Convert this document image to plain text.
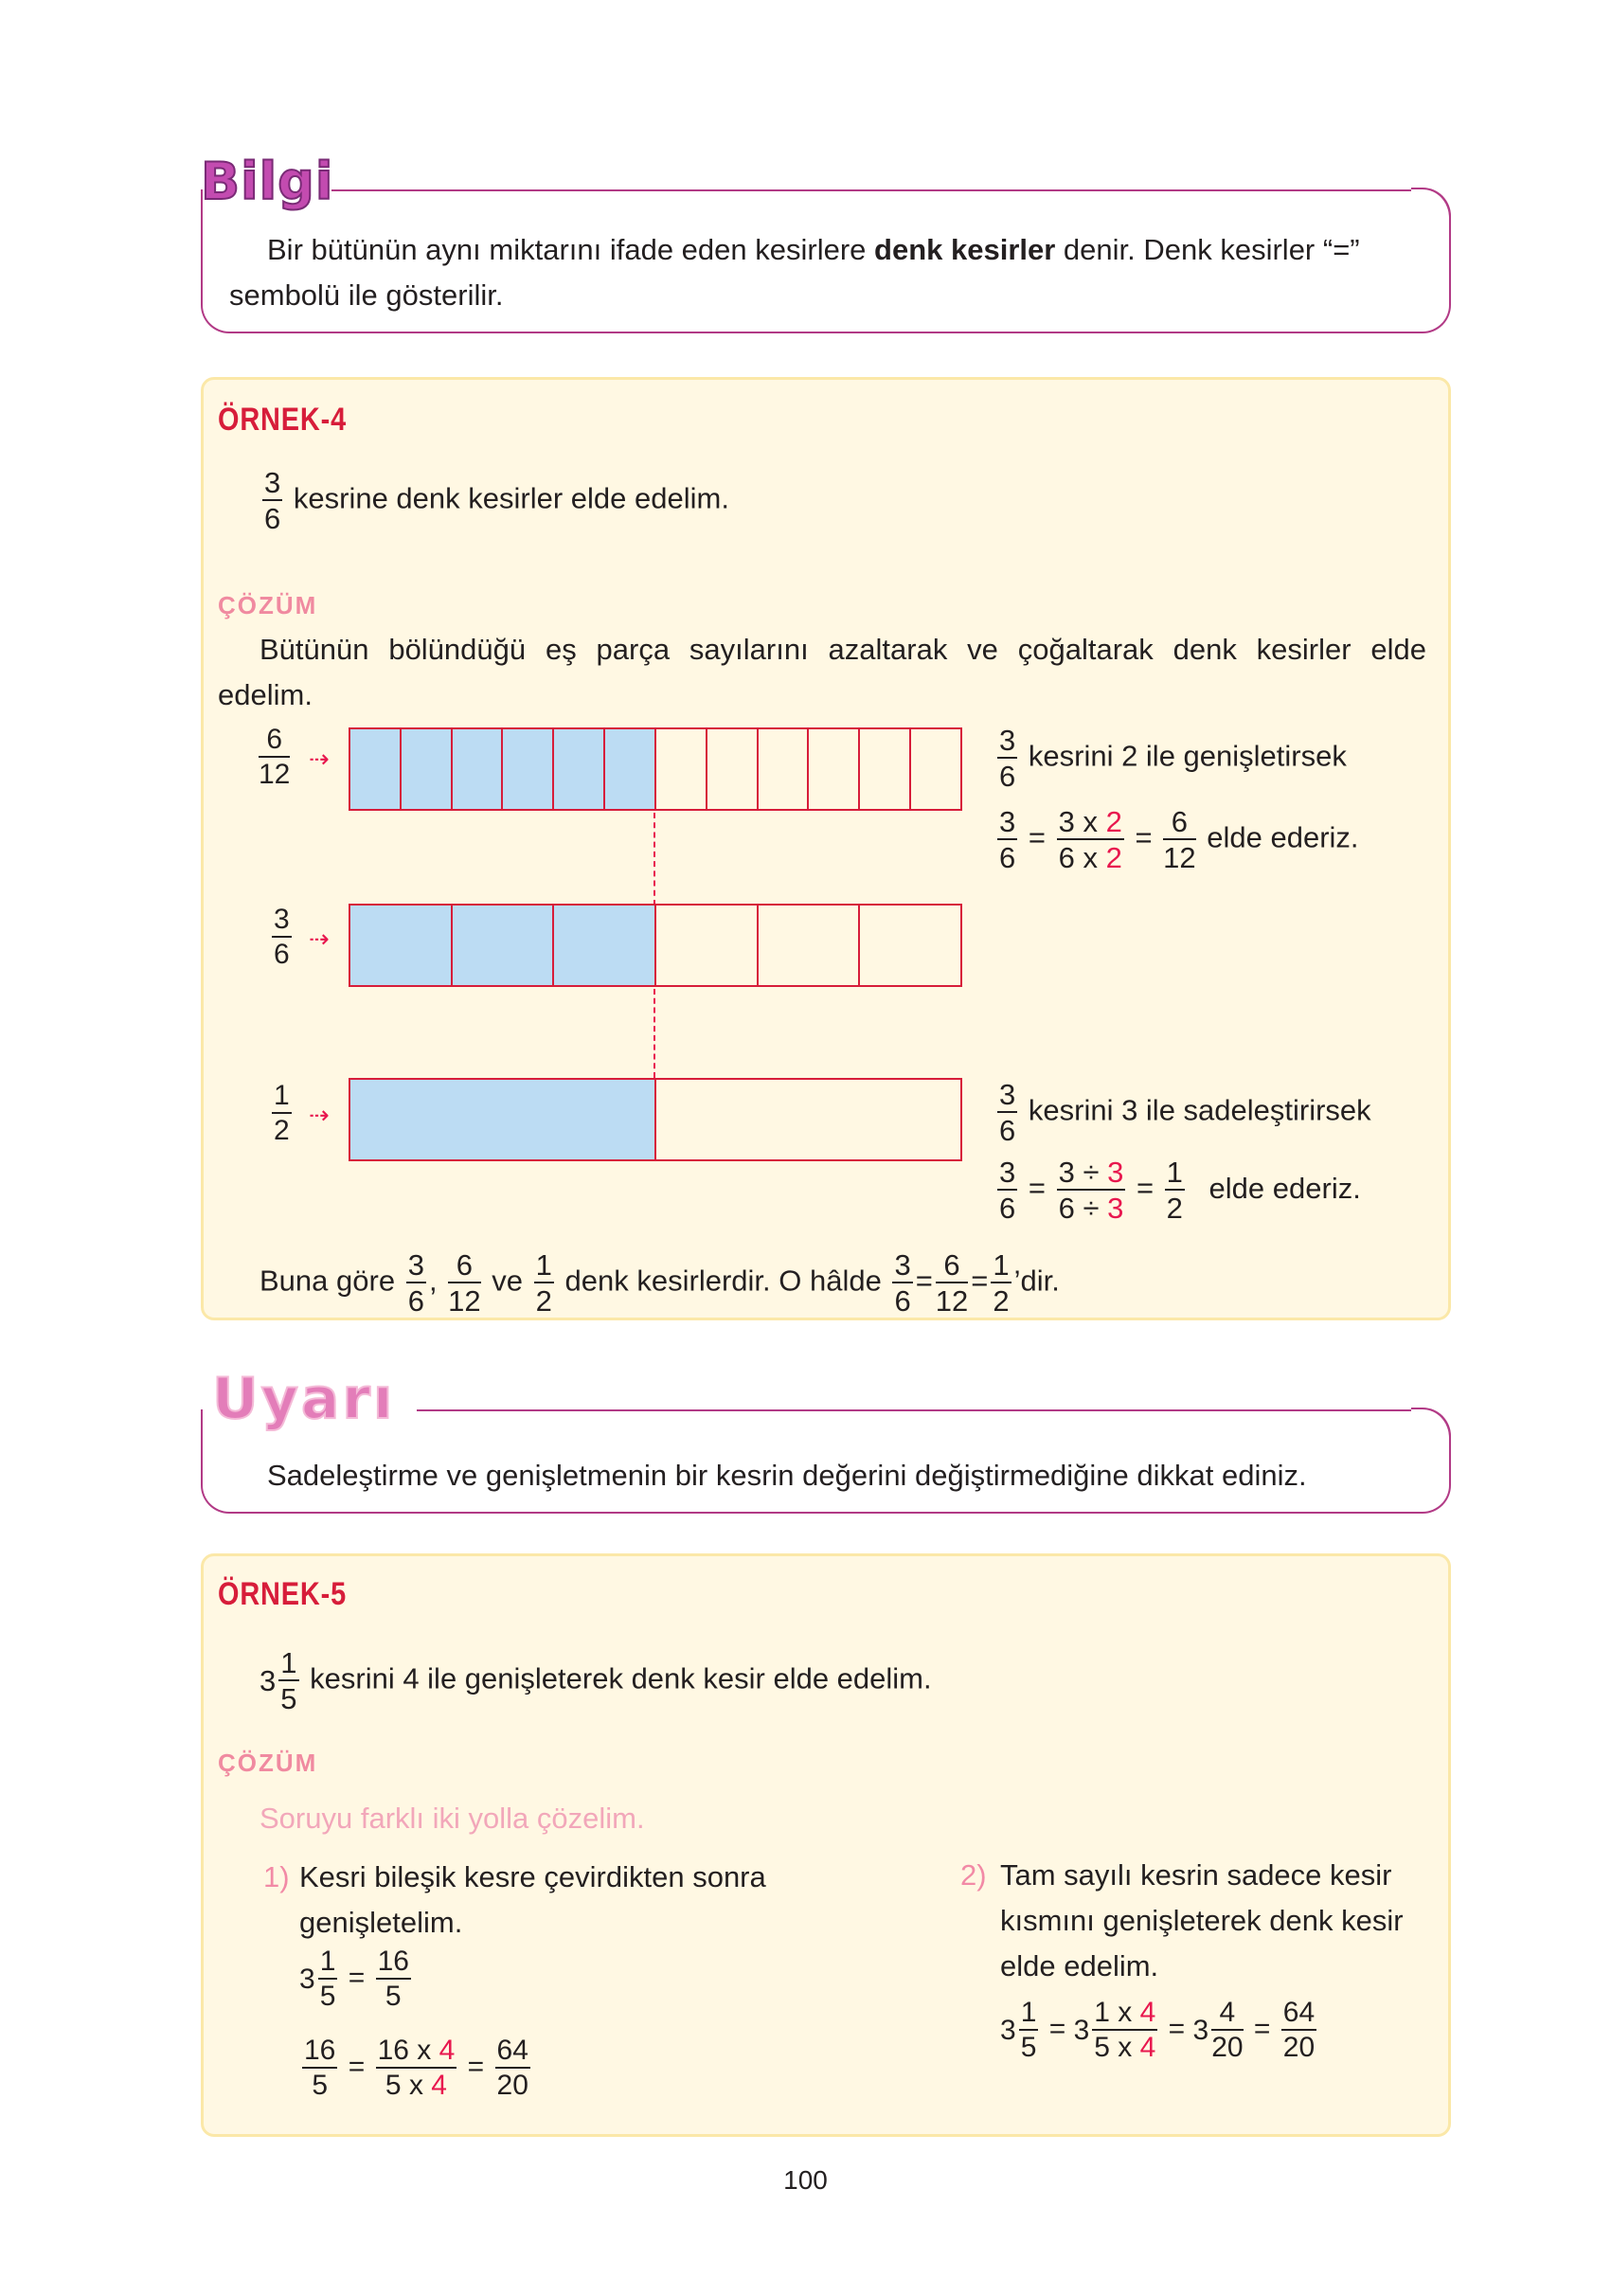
Bilgi
Bir bütünün aynı miktarını ifade eden kesirlere denk kesirler denir. Denk kesirler “=”
sembolü ile gösterilir.
ÖRNEK-4
$\frac{3}{6}$ kesrine denk kesirler elde edelim.
ÇÖZÜM
Bütünün bölündüğü eş parça sayılarını azaltarak ve çoğaltarak denk kesirler elde
edelim.
$\frac{6}{12}$ ⇢
$\frac{3}{6}$ ⇢
$\frac{1}{2}$ ⇢
$\frac{3}{6}$ kesrini 2 ile genişletirsek
$\frac{3}{6} = \frac{3 x 2}{6 x 2} = \frac{6}{12}$ elde ederiz.
$\frac{3}{6}$ kesrini 3 ile sadeleştirirsek
$\frac{3}{6} = \frac{3 \div 3}{6 \div 3} = \frac{1}{2}$ elde ederiz.
Buna göre $\frac{3}{6}$ , $\frac{6}{12}$ ve $\frac{1}{2}$ denk kesirlerdir. O hâlde $\frac{3}{6} = \frac{6}{12} = \frac{1}{2}$ ’dir.
Uyarı
Sadeleştirme ve genişletmenin bir kesrin değerini değiştirmediğine dikkat ediniz.
ÖRNEK-5
$3 \frac{1}{5}$ kesrini 4 ile genişleterek denk kesir elde edelim.
ÇÖZÜM
Soruyu farklı iki yolla çözelim.
1) Kesri bileşik kesre çevirdikten sonra
genişletelim.
$3 \frac{1}{5} = \frac{16}{5}$
$\frac{16}{5} = \frac{16 x 4}{5 x 4} = \frac{64}{20}$
2) Tam sayılı kesrin sadece kesir
kısmını genişleterek denk kesir
elde edelim.
$3 \frac{1}{5} = 3 \frac{1 x 4}{5 x 4} = 3 \frac{4}{20} = \frac{64}{20}$
100
